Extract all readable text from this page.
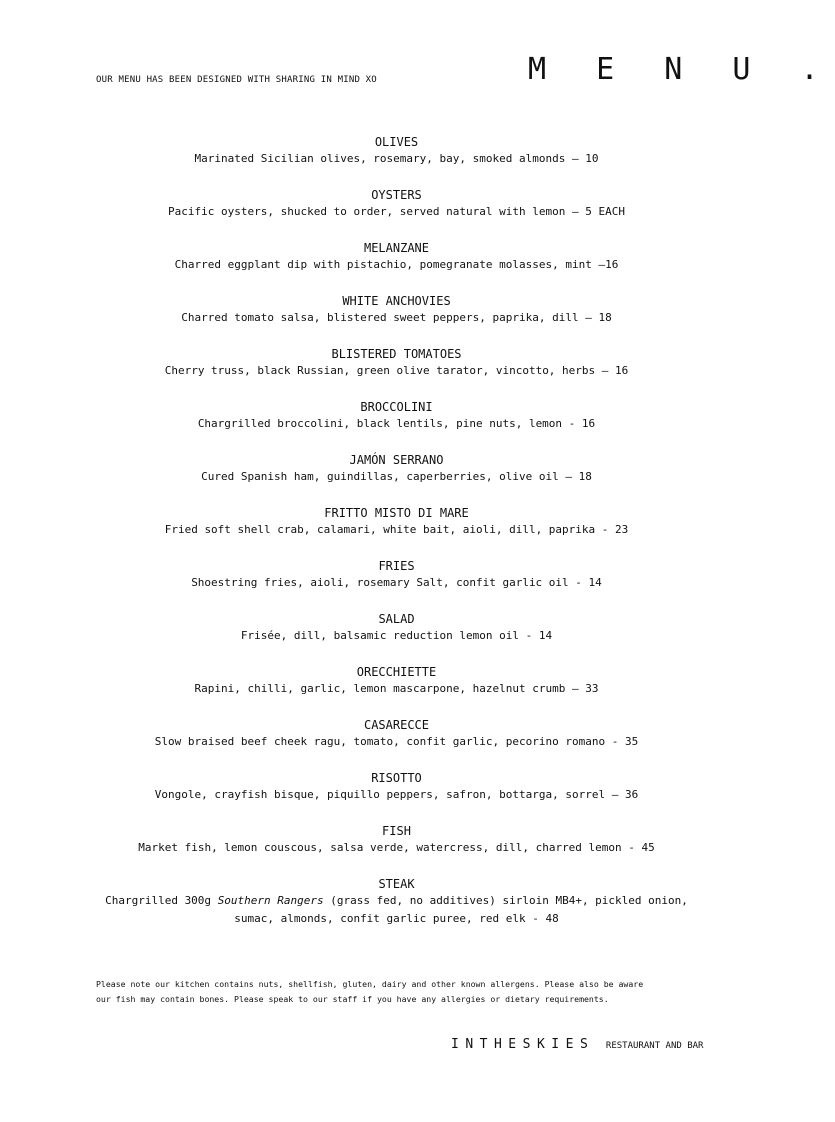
OUR MENU HAS BEEN DESIGNED WITH SHARING IN MIND XO	M E N U .
OLIVES
Marinated Sicilian olives, rosemary, bay, smoked almonds – 10
OYSTERS
Pacific oysters, shucked to order, served natural with lemon – 5 EACH
MELANZANE
Charred eggplant dip with pistachio, pomegranate molasses, mint –16
WHITE ANCHOVIES
Charred tomato salsa, blistered sweet peppers, paprika, dill – 18
BLISTERED TOMATOES
Cherry truss, black Russian, green olive tarator, vincotto, herbs – 16
BROCCOLINI
Chargrilled broccolini, black lentils, pine nuts, lemon - 16
JAMÓN SERRANO
Cured Spanish ham, guindillas, caperberries, olive oil – 18
FRITTO MISTO DI MARE
Fried soft shell crab, calamari, white bait, aioli, dill, paprika - 23
FRIES
Shoestring fries, aioli, rosemary Salt, confit garlic oil - 14
SALAD
Frisée, dill, balsamic reduction lemon oil - 14
ORECCHIETTE
Rapini, chilli, garlic, lemon mascarpone, hazelnut crumb – 33
CASARECCE
Slow braised beef cheek ragu, tomato, confit garlic, pecorino romano - 35
RISOTTO
Vongole, crayfish bisque, piquillo peppers, safron, bottarga, sorrel – 36
FISH
Market fish, lemon couscous, salsa verde, watercress, dill, charred lemon - 45
STEAK
Chargrilled 300g Southern Rangers (grass fed, no additives) sirloin MB4+, pickled onion,
sumac, almonds, confit garlic puree, red elk - 48
Please note our kitchen contains nuts, shellfish, gluten, dairy and other known allergens. Please also be aware
our fish may contain bones. Please speak to our staff if you have any allergies or dietary requirements.
INTHESKIES RESTAURANT AND BAR
